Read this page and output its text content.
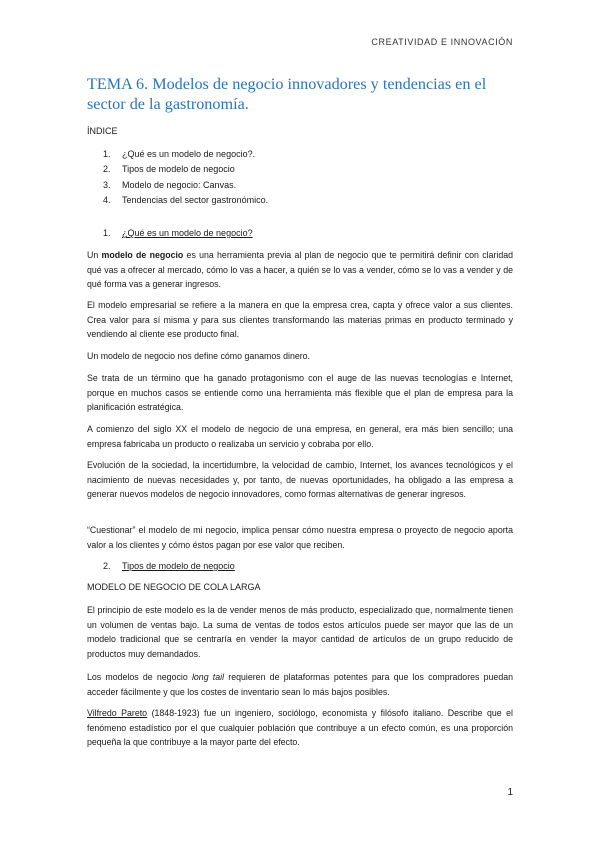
CREATIVIDAD E INNOVACIÓN
TEMA 6. Modelos de negocio innovadores y tendencias en el sector de la gastronomía.
ÍNDICE
1.	¿Qué es un modelo de negocio?.
2.	Tipos de modelo de negocio
3.	Modelo de negocio: Canvas.
4.	Tendencias del sector gastronómico.
1.	¿Qué es un modelo de negocio?

Un modelo de negocio es una herramienta previa al plan de negocio que te permitirá definir con claridad qué vas a ofrecer al mercado, cómo lo vas a hacer, a quién se lo vas a vender, cómo se lo vas a vender y de qué forma vas a generar ingresos.

El modelo empresarial se refiere a la manera en que la empresa crea, capta y ofrece valor a sus clientes. Crea valor para sí misma y para sus clientes transformando las materias primas en producto terminado y vendiendo al cliente ese producto final.

Un modelo de negocio nos define cómo ganamos dinero.

Se trata de un término que ha ganado protagonismo con el auge de las nuevas tecnologías e Internet, porque en muchos casos se entiende como una herramienta más flexible que el plan de empresa para la planificación estratégica.

A comienzo del siglo XX el modelo de negocio de una empresa, en general, era más bien sencillo; una empresa fabricaba un producto o realizaba un servicio y cobraba por ello.

Evolución de la sociedad, la incertidumbre, la velocidad de cambio, Internet, los avances tecnológicos y el nacimiento de nuevas necesidades y, por tanto, de nuevas oportunidades, ha obligado a las empresa a generar nuevos modelos de negocio innovadores, como formas alternativas de generar ingresos.

“Cuestionar” el modelo de mi negocio, implica pensar cómo nuestra empresa o proyecto de negocio aporta valor a los clientes y cómo éstos pagan por ese valor que reciben.

2.	Tipos de modelo de negocio
MODELO DE NEGOCIO DE COLA LARGA

El principio de este modelo es la de vender menos de más producto, especializado que, normalmente tienen un volumen de ventas bajo. La suma de ventas de todos estos artículos puede ser mayor que las de un modelo tradicional que se centraría en vender la mayor cantidad de artículos de un grupo reducido de productos muy demandados.

Los modelos de negocio long tail requieren de plataformas potentes para que los compradores puedan acceder fácilmente y que los costes de inventario sean lo más bajos posibles.

Vilfredo Pareto (1848-1923) fue un ingeniero, sociólogo, economista y filósofo italiano. Describe que el fenómeno estadístico por el que cualquier población que contribuye a un efecto común, es una proporción pequeña la que contribuye a la mayor parte del efecto.

1
